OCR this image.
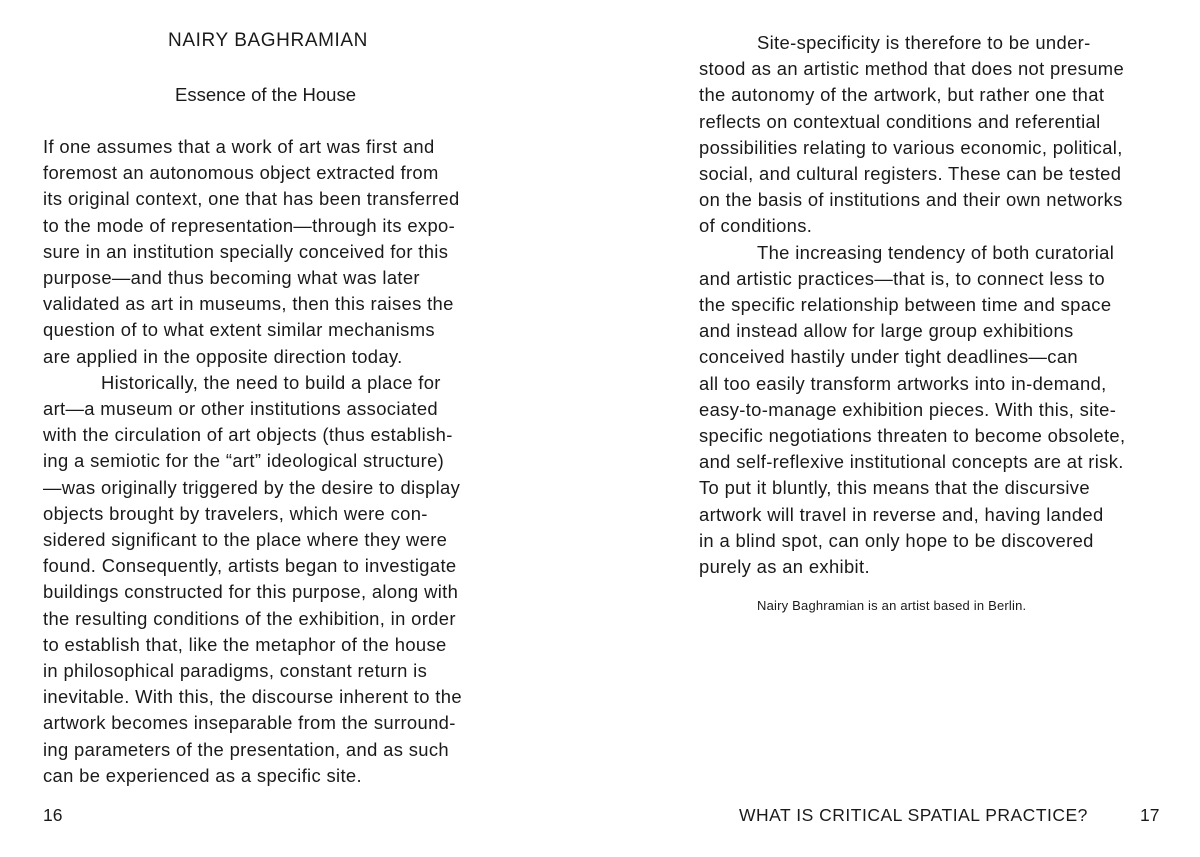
NAIRY BAGHRAMIAN
Essence of the House
If one assumes that a work of art was first and
foremost an autonomous object extracted from
its original context, one that has been transferred
to the mode of representation—through its expo-
sure in an institution specially conceived for this
purpose—and thus becoming what was later
validated as art in museums, then this raises the
question of to what extent similar mechanisms
are applied in the opposite direction today.
Historically, the need to build a place for
art—a museum or other institutions associated
with the circulation of art objects (thus establish-
ing a semiotic for the “art” ideological structure)
—was originally triggered by the desire to display
objects brought by travelers, which were con-
sidered significant to the place where they were
found. Consequently, artists began to investigate
buildings constructed for this purpose, along with
the resulting conditions of the exhibition, in order
to establish that, like the metaphor of the house
in philosophical paradigms, constant return is
inevitable. With this, the discourse inherent to the
artwork becomes inseparable from the surround-
ing parameters of the presentation, and as such
can be experienced as a specific site.
16
Site-specificity is therefore to be under-
stood as an artistic method that does not presume
the autonomy of the artwork, but rather one that
reflects on contextual conditions and referential
possibilities relating to various economic, political,
social, and cultural registers. These can be tested
on the basis of institutions and their own networks
of conditions.
The increasing tendency of both curatorial
and artistic practices—that is, to connect less to
the specific relationship between time and space
and instead allow for large group exhibitions
conceived hastily under tight deadlines—can
all too easily transform artworks into in-demand,
easy-to-manage exhibition pieces. With this, site-
specific negotiations threaten to become obsolete,
and self-reflexive institutional concepts are at risk.
To put it bluntly, this means that the discursive
artwork will travel in reverse and, having landed
in a blind spot, can only hope to be discovered
purely as an exhibit.
Nairy Baghramian is an artist based in Berlin.
WHAT IS CRITICAL SPATIAL PRACTICE?	17
